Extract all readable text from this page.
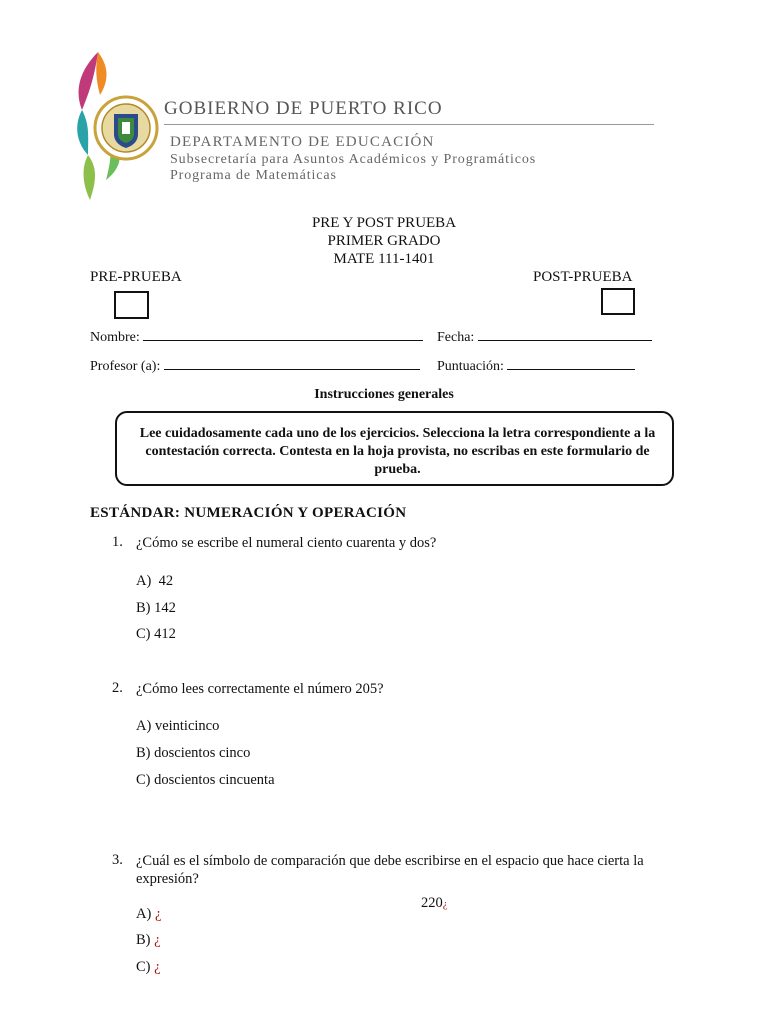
GOBIERNO DE PUERTO RICO
DEPARTAMENTO DE EDUCACIÓN
Subsecretaría para Asuntos Académicos y Programáticos
Programa de Matemáticas
PRE Y POST PRUEBA
PRIMER GRADO
MATE 111-1401
PRE-PRUEBA	POST-PRUEBA
Nombre:	Fecha:
Profesor (a):	Puntuación:
Instrucciones generales
Lee cuidadosamente cada uno de los ejercicios. Selecciona la letra correspondiente a la contestación correcta. Contesta en la hoja provista, no escribas en este formulario de prueba.
ESTÁNDAR: NUMERACIÓN Y OPERACIÓN
1. ¿Cómo se escribe el numeral ciento cuarenta y dos?
A)  42
B) 142
C) 412
2. ¿Cómo lees correctamente el número 205?
A) veinticinco
B) doscientos cinco
C) doscientos cincuenta
3. ¿Cuál es el símbolo de comparación que debe escribirse en el espacio que hace cierta la expresión?
220¿
A) ¿
B) ¿
C) ¿
